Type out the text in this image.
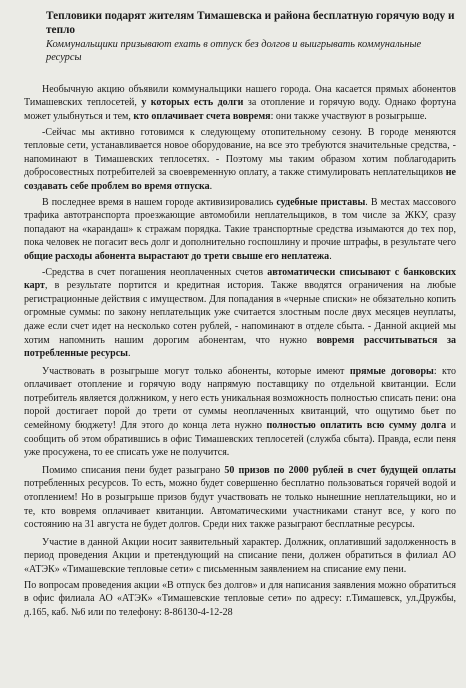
Тепловики подарят жителям Тимашевска и района бесплатную горячую воду и тепло
Коммунальщики призывают ехать в отпуск без долгов и выигрывать коммунальные ресурсы

Необычную акцию объявили коммунальщики нашего города. Она касается прямых абонентов Тимашевских теплосетей, у которых есть долги за отопление и горячую воду. Однако фортуна может улыбнуться и тем, кто оплачивает счета вовремя: они также участвуют в розыгрыше.

-Сейчас мы активно готовимся к следующему отопительному сезону. В городе меняются тепловые сети, устанавливается новое оборудование, на все это требуются значительные средства, - напоминают в Тимашевских теплосетях. - Поэтому мы таким образом хотим поблагодарить добросовестных потребителей за своевременную оплату, а также стимулировать неплательщиков не создавать себе проблем во время отпуска.

В последнее время в нашем городе активизировались судебные приставы. В местах массового трафика автотранспорта проезжающие автомобили неплательщиков, в том числе за ЖКУ, сразу попадают на «карандаш» к стражам порядка. Такие транспортные средства изымаются до тех пор, пока человек не погасит весь долг и дополнительно госпошлину и прочие штрафы, в результате чего общие расходы абонента вырастают до трети свыше его неплатежа.

-Средства в счет погашения неоплаченных счетов автоматически списывают с банковских карт, в результате портится и кредитная история. Также вводятся ограничения на любые регистрационные действия с имуществом. Для попадания в «черные списки» не обязательно копить огромные суммы: по закону неплательщик уже считается злостным после двух месяцев неуплаты, даже если счет идет на несколько сотен рублей, - напоминают в отделе сбыта. - Данной акцией мы хотим напомнить нашим дорогим абонентам, что нужно вовремя рассчитываться за потребленные ресурсы.

Участвовать в розыгрыше могут только абоненты, которые имеют прямые договоры: кто оплачивает отопление и горячую воду напрямую поставщику по отдельной квитанции. Если потребитель является должником, у него есть уникальная возможность полностью списать пени: она порой достигает порой до трети от суммы неоплаченных квитанций, что ощутимо бьет по семейному бюджету! Для этого до конца лета нужно полностью оплатить всю сумму долга и сообщить об этом обратившись в офис Тимашевских теплосетей (служба сбыта). Правда, если пеня уже просужена, то ее списать уже не получится.

Помимо списания пени будет разыграно 50 призов по 2000 рублей в счет будущей оплаты потребленных ресурсов. То есть, можно будет совершенно бесплатно пользоваться горячей водой и отоплением! Но в розыгрыше призов будут участвовать не только нынешние неплательщики, но и те, кто вовремя оплачивает квитанции. Автоматическими участниками станут все, у кого по состоянию на 31 августа не будет долгов. Среди них также разыграют бесплатные ресурсы.

Участие в данной Акции носит заявительный характер. Должник, оплативший задолженность в период проведения Акции и претендующий на списание пени, должен обратиться в филиал АО «АТЭК» «Тимашевские тепловые сети» с письменным заявлением на списание ему пени.

По вопросам проведения акции «В отпуск без долгов» и для написания заявления можно обратиться в офис филиала АО «АТЭК» «Тимашевские тепловые сети» по адресу: г.Тимашевск, ул.Дружбы, д.165, каб. №6 или по телефону: 8-86130-4-12-28
